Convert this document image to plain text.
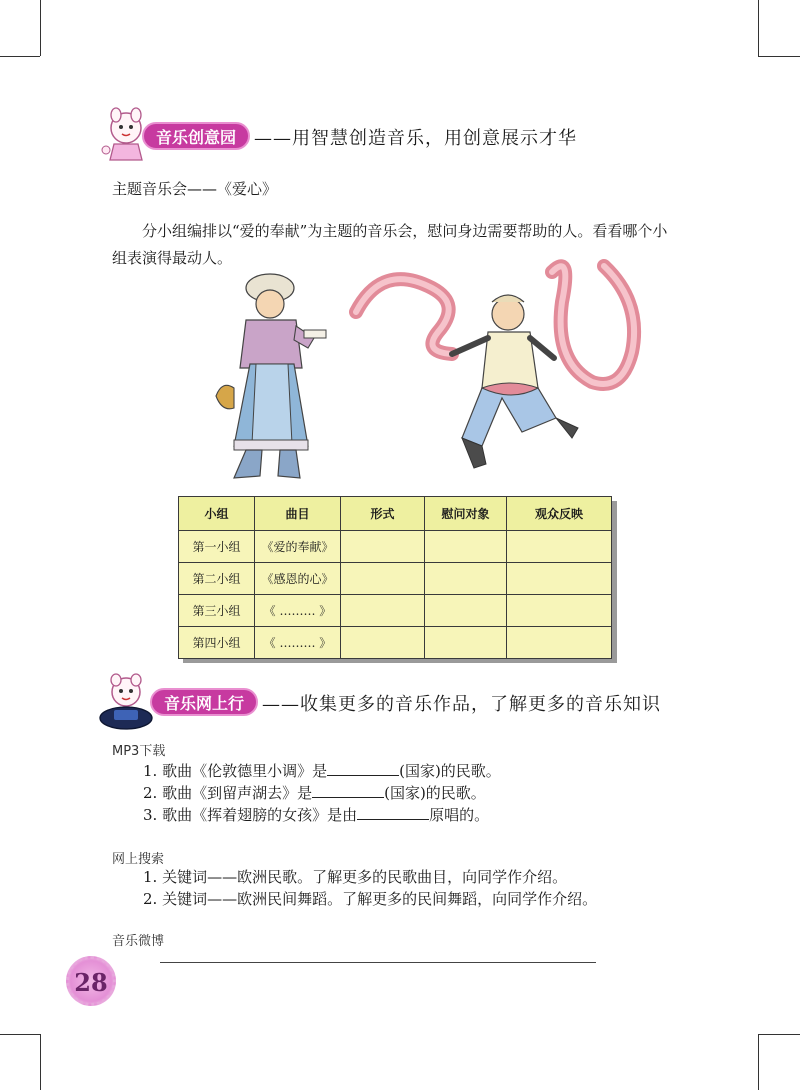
音乐创意园 ——用智慧创造音乐，用创意展示才华
主题音乐会——《爱心》

分小组编排以“爱的奉献”为主题的音乐会，慰问身边需要帮助的人。看看哪个小组表演得最动人。

小组	曲目	形式	慰问对象	观众反映
第一小组	《爱的奉献》			
第二小组	《感恩的心》			
第三小组	《 ……… 》			
第四小组	《 ……… 》			
音乐网上行 ——收集更多的音乐作品，了解更多的音乐知识
MP3下载
1. 歌曲《伦敦德里小调》是	(国家)的民歌。
2. 歌曲《到留声湖去》是	(国家)的民歌。
3. 歌曲《挥着翅膀的女孩》是由	原唱的。
网上搜索
1. 关键词——欧洲民歌。了解更多的民歌曲目，向同学作介绍。
2. 关键词——欧洲民间舞蹈。了解更多的民间舞蹈，向同学作介绍。
音乐微博
28
